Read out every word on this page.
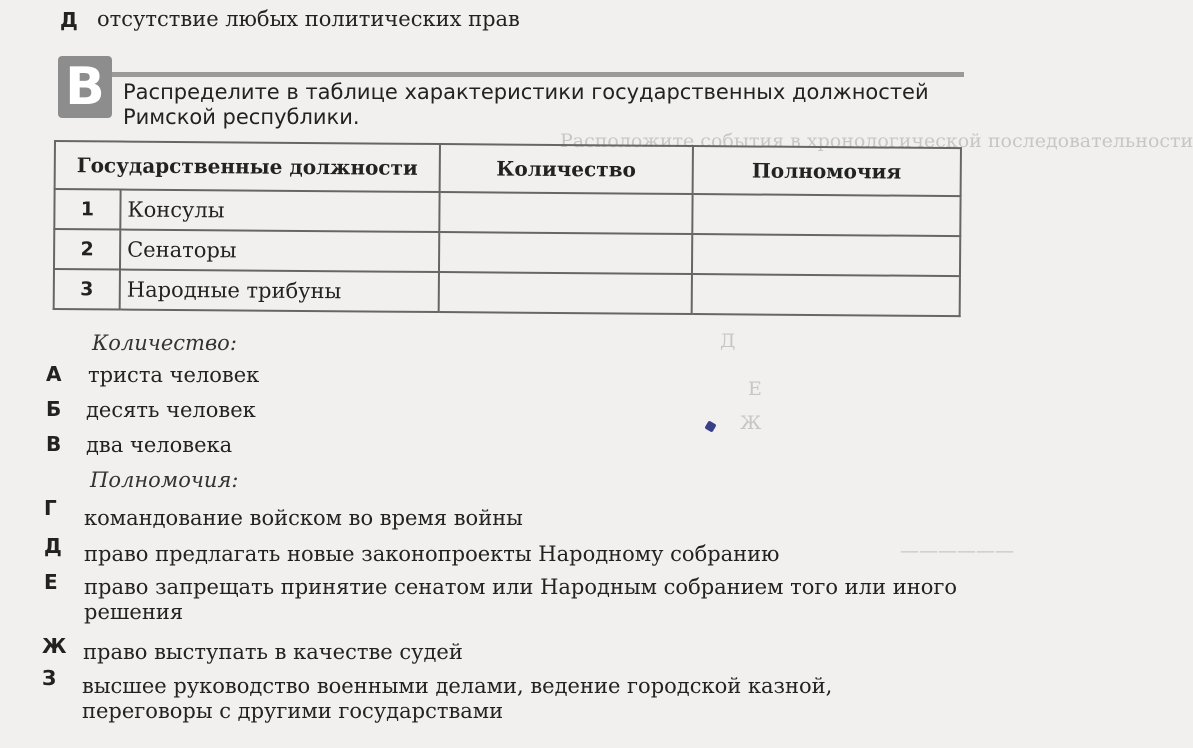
Расположите события в хронологической последовательности
Д
Е
Ж
——————
Д отсутствие любых политических прав
В Распределите в таблице характеристики государственных должностей Римской республики.
Государственные должности		Количество	Полномочия
1	Консулы		
2	Сенаторы		
3	Народные трибуны		
Количество:
А триста человек
Б десять человек
В два человека
Полномочия:
Г командование войском во время войны
Д право предлагать новые законопроекты Народному собранию
Е право запрещать принятие сенатом или Народным собранием того или иного решения
Ж право выступать в качестве судей
З высшее руководство военными делами, ведение городской казной, переговоры с другими государствами
